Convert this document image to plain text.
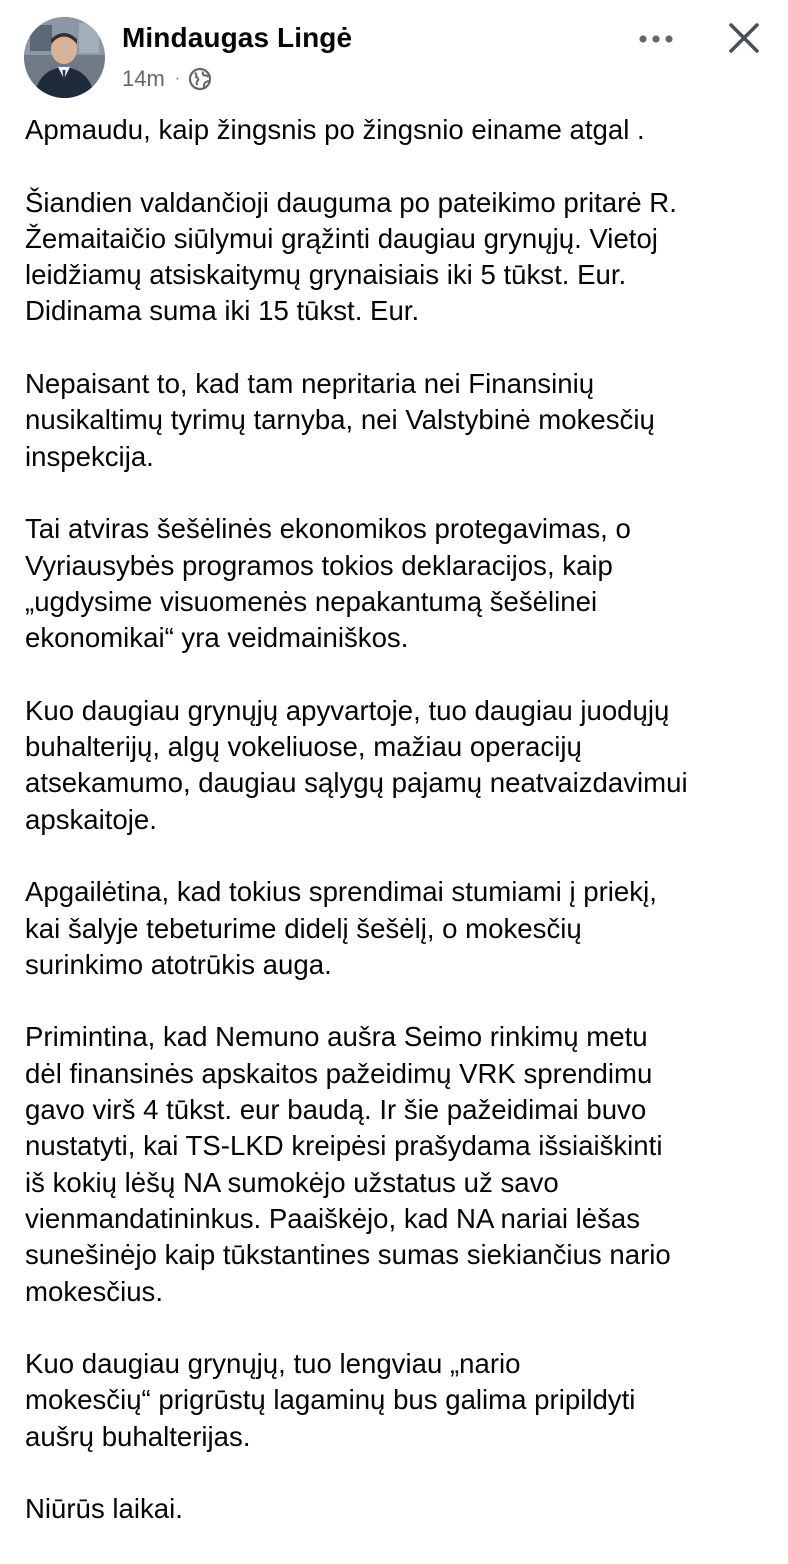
Mindaugas Lingė
14m ·

Apmaudu, kaip žingsnis po žingsnio einame atgal .

Šiandien valdančioji dauguma po pateikimo pritarė R.
Žemaitaičio siūlymui grąžinti daugiau grynųjų. Vietoj
leidžiamų atsiskaitymų grynaisiais iki 5 tūkst. Eur.
Didinama suma iki 15 tūkst. Eur.

Nepaisant to, kad tam nepritaria nei Finansinių
nusikaltimų tyrimų tarnyba, nei Valstybinė mokesčių
inspekcija.

Tai atviras šešėlinės ekonomikos protegavimas, o
Vyriausybės programos tokios deklaracijos, kaip
„ugdysime visuomenės nepakantumą šešėlinei
ekonomikai“ yra veidmainiškos.

Kuo daugiau grynųjų apyvartoje, tuo daugiau juodųjų
buhalterijų, algų vokeliuose, mažiau operacijų
atsekamumo, daugiau sąlygų pajamų neatvaizdavimui
apskaitoje.

Apgailėtina, kad tokius sprendimai stumiami į priekį,
kai šalyje tebeturime didelį šešėlį, o mokesčių
surinkimo atotrūkis auga.

Primintina, kad Nemuno aušra Seimo rinkimų metu
dėl finansinės apskaitos pažeidimų VRK sprendimu
gavo virš 4 tūkst. eur baudą. Ir šie pažeidimai buvo
nustatyti, kai TS-LKD kreipėsi prašydama išsiaiškinti
iš kokių lėšų NA sumokėjo užstatus už savo
vienmandatininkus. Paaiškėjo, kad NA nariai lėšas
sunešinėjo kaip tūkstantines sumas siekiančius nario
mokesčius.

Kuo daugiau grynųjų, tuo lengviau „nario
mokesčių“ prigrūstų lagaminų bus galima pripildyti
aušrų buhalterijas.

Niūrūs laikai.
